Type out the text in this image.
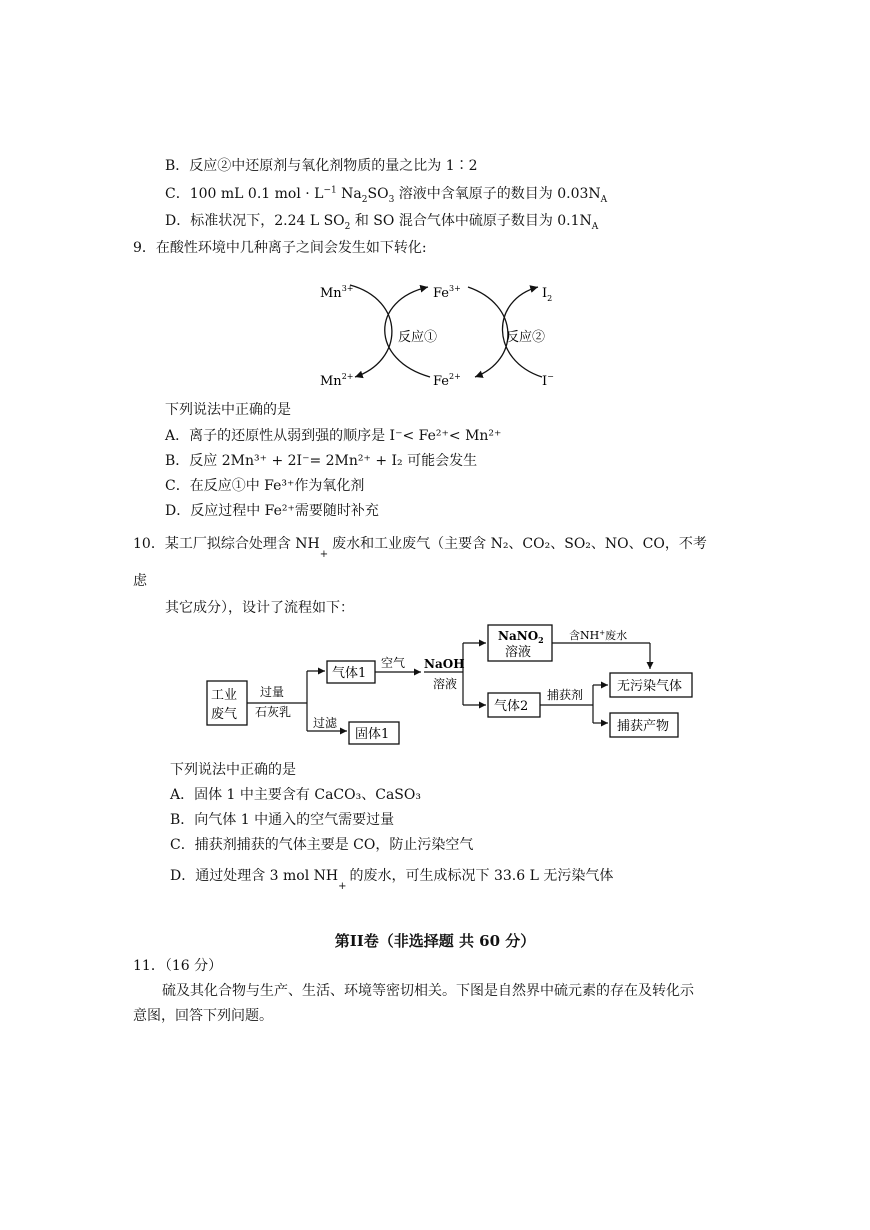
B．反应②中还原剂与氧化剂物质的量之比为 1∶2
C．100 mL 0.1 mol · $L^{-1}$ $Na_2SO_3$ 溶液中含氧原子的数目为 $0.03N_A$
D．标准状况下，2.24 L $SO_2$ 和 SO 混合气体中硫原子数目为 $0.1N_A$
9．在酸性环境中几种离子之间会发生如下转化:
$Mn^{3+}$
$Mn^{2+}$
$Fe^{3+}$
$Fe^{2+}$
$I_2$
I−
反应①	反应②
下列说法中正确的是
A．离子的还原性从弱到强的顺序是 I⁻< Fe²⁺< Mn²⁺
B．反应 2Mn³⁺ + 2I⁻= 2Mn²⁺ + I₂ 可能会发生
C．在反应①中 Fe³⁺作为氧化剂
D．反应过程中 Fe²⁺需要随时补充
10．某工厂拟综合处理含 $NH_+$废水和工业废气（主要含 N₂、CO₂、SO₂、NO、CO，不考
虑
其它成分），设计了流程如下：
工业
废气
过量
石灰乳
过滤
气体1
固体1
空气 NaOH
溶液
NaNO$_2$
溶液
含NH+废水
气体2
捕获剂
无污染气体
捕获产物
下列说法中正确的是
A．固体 1 中主要含有 CaCO₃、CaSO₃
B．向气体 1 中通入的空气需要过量
C．捕获剂捕获的气体主要是 CO，防止污染空气
D．通过处理含 3 mol $NH_+$的废水，可生成标况下 33.6 L 无污染气体
第II卷（非选择题 共 60 分）
11．（16 分）
硫及其化合物与生产、生活、环境等密切相关。下图是自然界中硫元素的存在及转化示
意图，回答下列问题。
